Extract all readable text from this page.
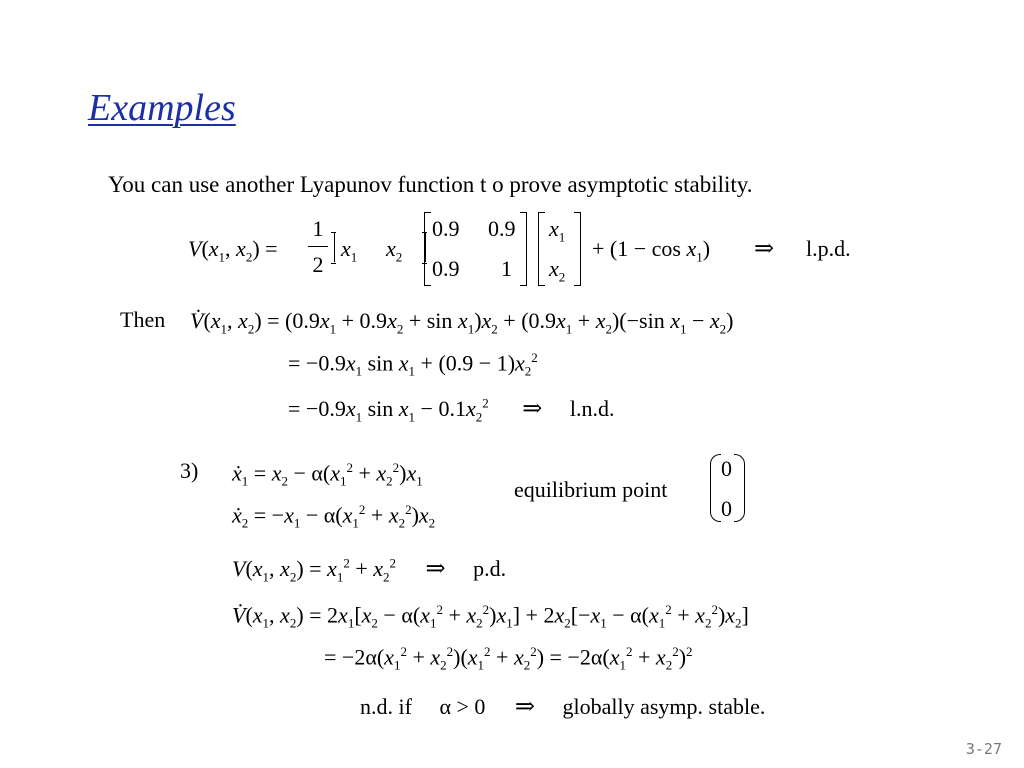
Examples
You can use another Lyapunov function t o prove asymptotic stability.
$V(x_1$, $x_2$) =
1
2
$x_1$ $x_2$
0.9 0.9
0.9 1
$x_1$
$x_2$
+ $(1 - \cos x_1)$ ⇒ l.p.d.
Then $V̇(x_1$, $x_2) = (0.9x_1 + 0.9x_2 + \sin x_1)x_2 + (0.9x_1 + x_2)(-\sin$ $x_1 - x_2$)
= $-0.9x_1$ $\sin x_1 + (0.9 - 1)x_2^2$
= $-0.9x_1$ $\sin x_1 - 0.1x_2^2$ ⇒ l.n.d.
3) ẋ$_1$ = $x_2 - \alpha(x_1^2 + x_2^2)x_1$
ẋ$_2$ = $-x_1 - \alpha(x_1^2 + x_2^2)x_2$
equilibrium point
0
0
$V(x_1$, $x_2) = x_1^2 + x_2^2$ ⇒ p.d.
$V̇(x_1$, $x_2) = 2x_1[x_2 - \alpha(x_1^2 + x_2^2)x_1] + 2x_2[-x_1 - \alpha(x_1^2 + x_2^2)x_2]$
= $-2\alpha(x_1^2 + x_2^2)(x_1^2 + x_2^2) = -2\alpha(x_1^2 + x_2^2)^2$
n.d. if α > 0 ⇒ globally asymp. stable.
3-27
